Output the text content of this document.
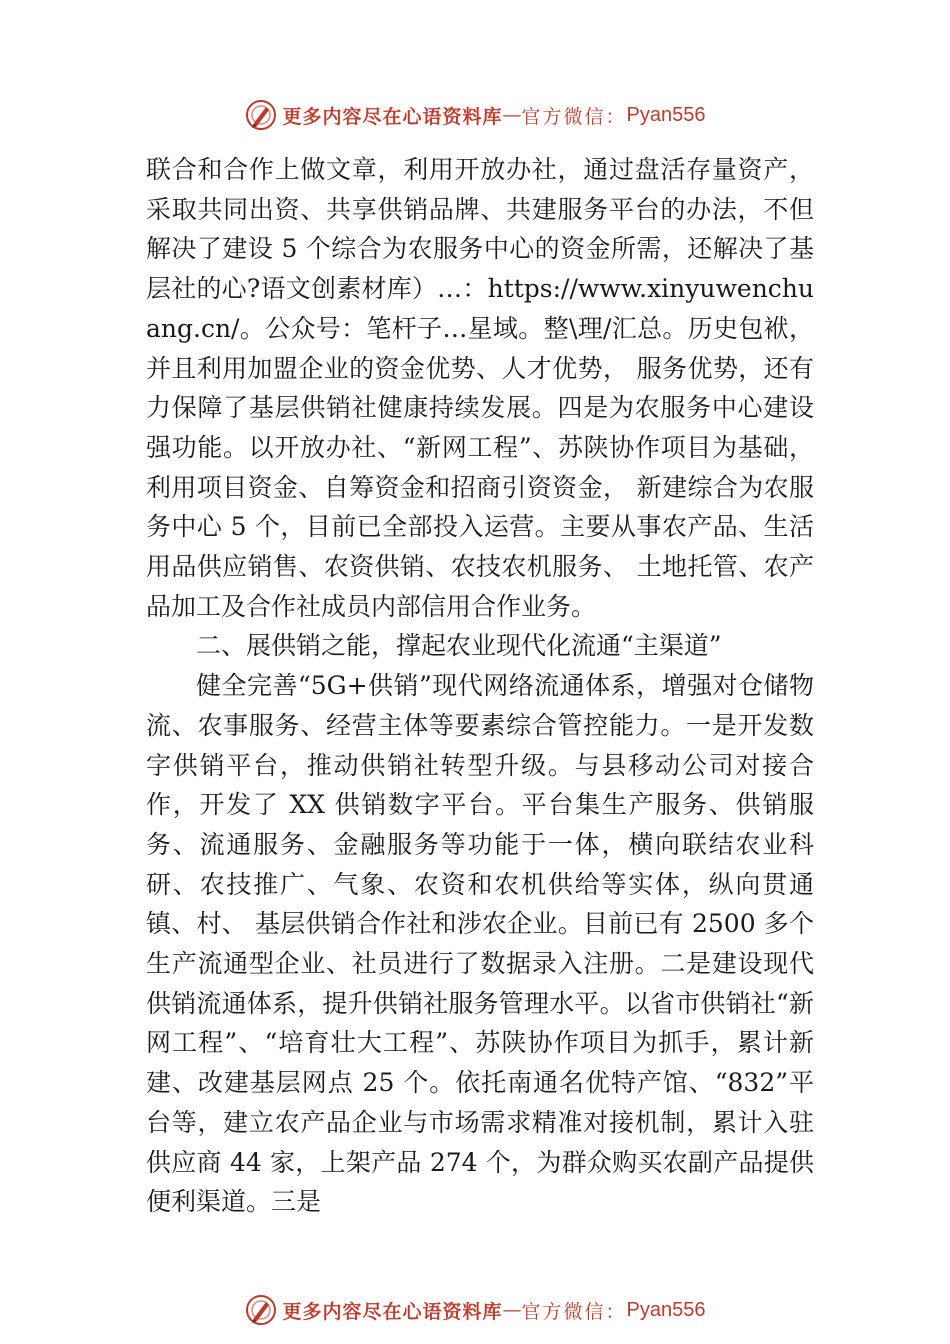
更多内容尽在心语资料库 — 官方微信： Pyan556

联合和合作上做文章，利用开放办社，通过盘活存量资产，采取共同出资、共享供销品牌、共建服务平台的办法，不但解决了建设 5 个综合为农服务中心的资金所需，还解决了基层社的心?语文创素材库）…：https://www.xinyuwenchuang.cn/。公众号：笔杆子…星域。整\理/汇总。历史包袱，并且利用加盟企业的资金优势、人才优势， 服务优势，还有力保障了基层供销社健康持续发展。四是为农服务中心建设强功能。以开放办社、“新网工程”、苏陕协作项目为基础，利用项目资金、自筹资金和招商引资资金， 新建综合为农服务中心 5 个，目前已全部投入运营。主要从事农产品、生活用品供应销售、农资供销、农技农机服务、 土地托管、农产品加工及合作社成员内部信用合作业务。

二、展供销之能，撑起农业现代化流通“主渠道”

健全完善“5G+供销”现代网络流通体系，增强对仓储物流、农事服务、经营主体等要素综合管控能力。一是开发数字供销平台，推动供销社转型升级。与县移动公司对接合作，开发了 XX 供销数字平台。平台集生产服务、供销服务、流通服务、金融服务等功能于一体，横向联结农业科研、农技推广、气象、农资和农机供给等实体，纵向贯通镇、村、 基层供销合作社和涉农企业。目前已有 2500 多个生产流通型企业、社员进行了数据录入注册。二是建设现代供销流通体系，提升供销社服务管理水平。以省市供销社“新网工程”、“培育壮大工程”、苏陕协作项目为抓手，累计新建、改建基层网点 25 个。依托南通名优特产馆、“832”平台等，建立农产品企业与市场需求精准对接机制，累计入驻供应商 44 家，上架产品 274 个，为群众购买农副产品提供便利渠道。三是

更多内容尽在心语资料库 — 官方微信： Pyan556
